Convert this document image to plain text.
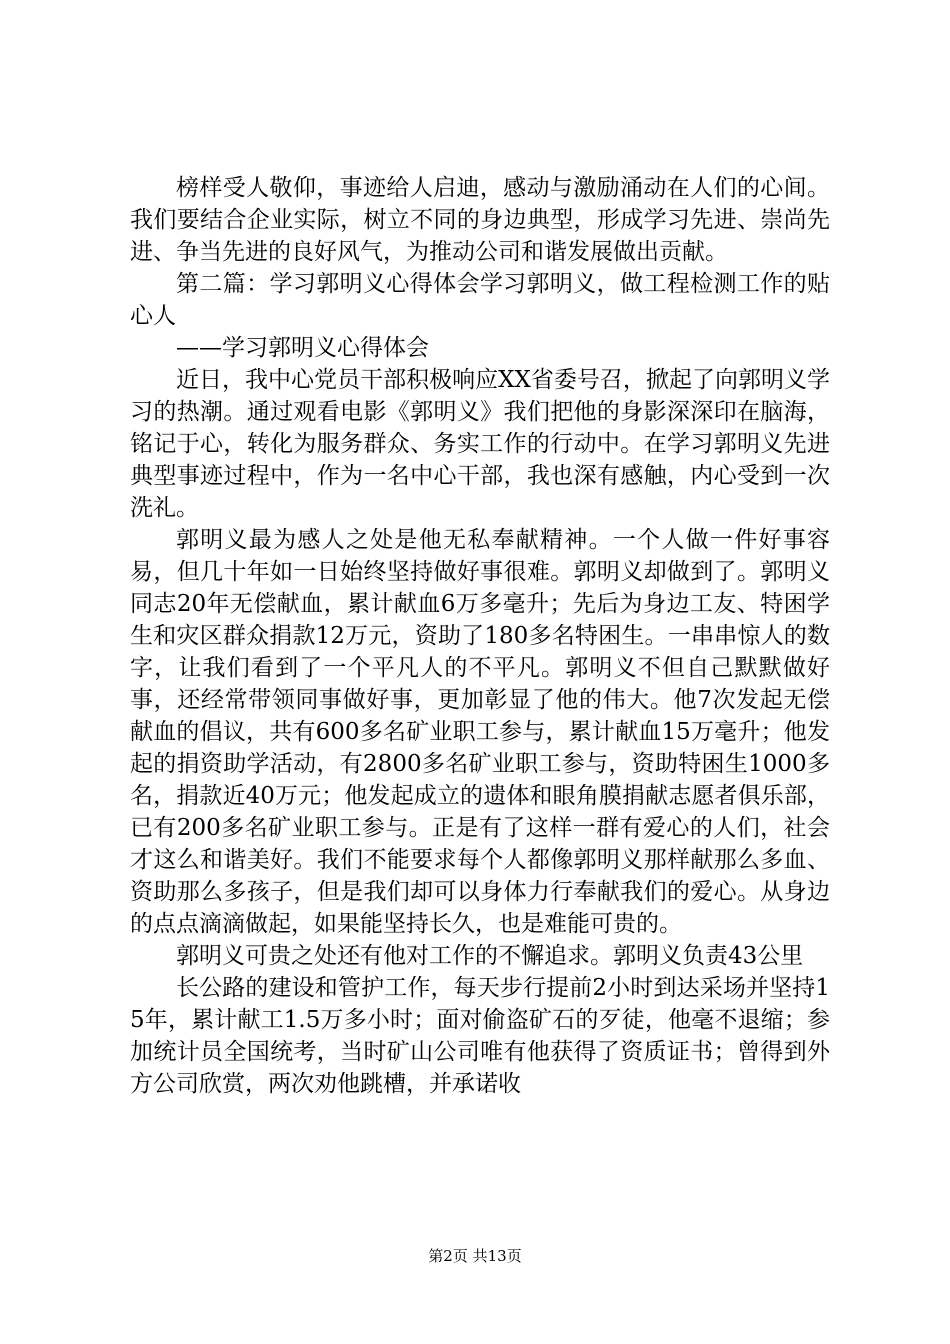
榜样受人敬仰，事迹给人启迪，感动与激励涌动在人们的心间。我们要结合企业实际，树立不同的身边典型，形成学习先进、崇尚先进、争当先进的良好风气，为推动公司和谐发展做出贡献。

第二篇：学习郭明义心得体会学习郭明义，做工程检测工作的贴心人

——学习郭明义心得体会

近日，我中心党员干部积极响应XX省委号召，掀起了向郭明义学习的热潮。通过观看电影《郭明义》我们把他的身影深深印在脑海，铭记于心，转化为服务群众、务实工作的行动中。在学习郭明义先进典型事迹过程中，作为一名中心干部，我也深有感触，内心受到一次洗礼。

郭明义最为感人之处是他无私奉献精神。一个人做一件好事容易，但几十年如一日始终坚持做好事很难。郭明义却做到了。郭明义同志20年无偿献血，累计献血6万多毫升；先后为身边工友、特困学生和灾区群众捐款12万元，资助了180多名特困生。一串串惊人的数字，让我们看到了一个平凡人的不平凡。郭明义不但自己默默做好事，还经常带领同事做好事，更加彰显了他的伟大。他7次发起无偿献血的倡议，共有600多名矿业职工参与，累计献血15万毫升；他发起的捐资助学活动，有2800多名矿业职工参与，资助特困生1000多名，捐款近40万元；他发起成立的遗体和眼角膜捐献志愿者俱乐部，已有200多名矿业职工参与。正是有了这样一群有爱心的人们，社会才这么和谐美好。我们不能要求每个人都像郭明义那样献那么多血、资助那么多孩子，但是我们却可以身体力行奉献我们的爱心。从身边的点点滴滴做起，如果能坚持长久，也是难能可贵的。

郭明义可贵之处还有他对工作的不懈追求。郭明义负责43公里

长公路的建设和管护工作，每天步行提前2小时到达采场并坚持15年，累计献工1.5万多小时；面对偷盗矿石的歹徒，他毫不退缩；参加统计员全国统考，当时矿山公司唯有他获得了资质证书；曾得到外方公司欣赏，两次劝他跳槽，并承诺收

第2页 共13页
